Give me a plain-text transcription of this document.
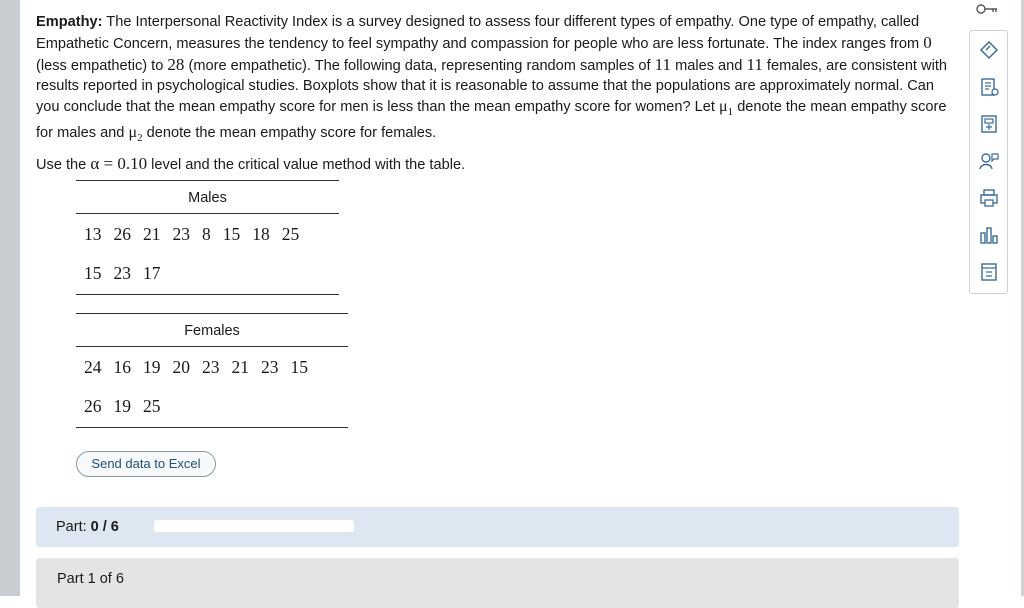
Empathy: The Interpersonal Reactivity Index is a survey designed to assess four different types of empathy. One type of empathy, called Empathetic Concern, measures the tendency to feel sympathy and compassion for people who are less fortunate. The index ranges from 0 (less empathetic) to 28 (more empathetic). The following data, representing random samples of 11 males and 11 females, are consistent with results reported in psychological studies. Boxplots show that it is reasonable to assume that the populations are approximately normal. Can you conclude that the mean empathy score for men is less than the mean empathy score for women? Let $\mu_1$ denote the mean empathy score for males and $\mu_2$ denote the mean empathy score for females.

Use the α = 0.10 level and the critical value method with the table.
Males
13 26 21 23 8 15 18 25
15 23 17
Females
24 16 19 20 23 21 23 15
26 19 25
Send data to Excel
Part: 0 / 6
Part 1 of 6
